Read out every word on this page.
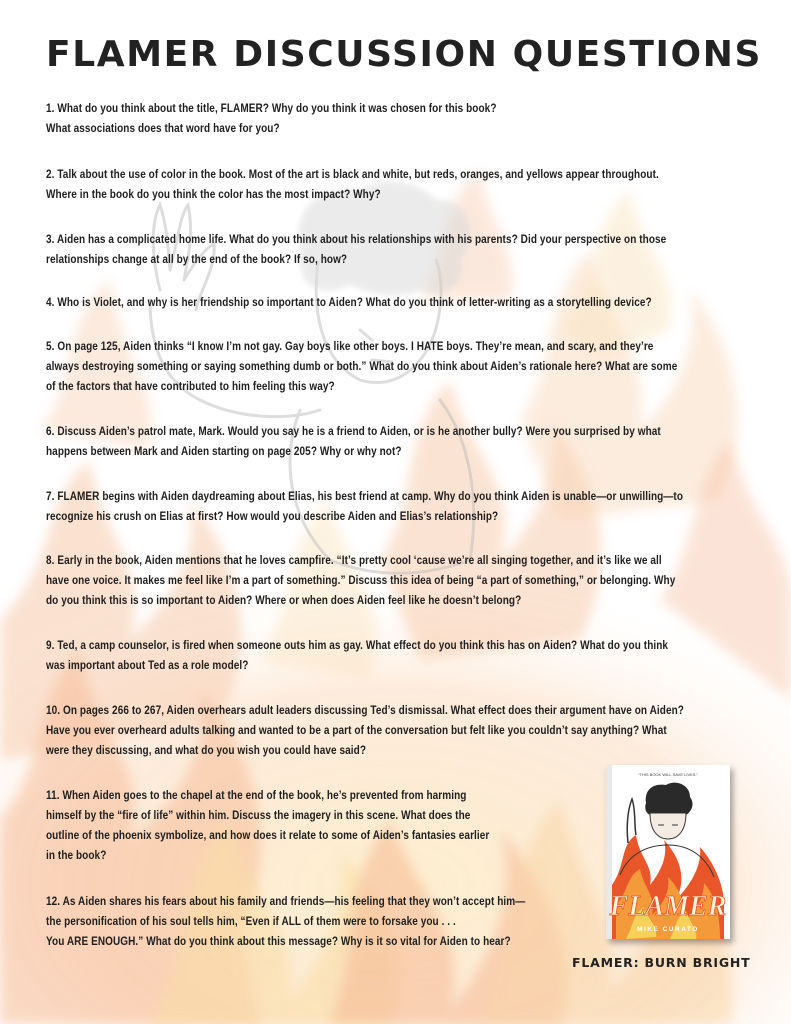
FLAMER DISCUSSION QUESTIONS
1. What do you think about the title, FLAMER? Why do you think it was chosen for this book?
What associations does that word have for you?
2. Talk about the use of color in the book. Most of the art is black and white, but reds, oranges, and yellows appear throughout.
Where in the book do you think the color has the most impact? Why?
3. Aiden has a complicated home life. What do you think about his relationships with his parents? Did your perspective on those
relationships change at all by the end of the book? If so, how?
4. Who is Violet, and why is her friendship so important to Aiden? What do you think of letter-writing as a storytelling device?
5. On page 125, Aiden thinks “I know I’m not gay. Gay boys like other boys. I HATE boys. They’re mean, and scary, and they’re
always destroying something or saying something dumb or both.” What do you think about Aiden’s rationale here? What are some
of the factors that have contributed to him feeling this way?
6. Discuss Aiden’s patrol mate, Mark. Would you say he is a friend to Aiden, or is he another bully? Were you surprised by what
happens between Mark and Aiden starting on page 205? Why or why not?
7. FLAMER begins with Aiden daydreaming about Elias, his best friend at camp. Why do you think Aiden is unable—or unwilling—to
recognize his crush on Elias at first? How would you describe Aiden and Elias’s relationship?
8. Early in the book, Aiden mentions that he loves campfire. “It’s pretty cool ‘cause we’re all singing together, and it’s like we all
have one voice. It makes me feel like I’m a part of something.” Discuss this idea of being “a part of something,” or belonging. Why
do you think this is so important to Aiden? Where or when does Aiden feel like he doesn’t belong?
9. Ted, a camp counselor, is fired when someone outs him as gay. What effect do you think this has on Aiden? What do you think
was important about Ted as a role model?
10. On pages 266 to 267, Aiden overhears adult leaders discussing Ted’s dismissal. What effect does their argument have on Aiden?
Have you ever overheard adults talking and wanted to be a part of the conversation but felt like you couldn’t say anything? What
were they discussing, and what do you wish you could have said?
11. When Aiden goes to the chapel at the end of the book, he’s prevented from harming
himself by the “fire of life” within him. Discuss the imagery in this scene. What does the
outline of the phoenix symbolize, and how does it relate to some of Aiden’s fantasies earlier
in the book?
12. As Aiden shares his fears about his family and friends—his feeling that they won’t accept him—
the personification of his soul tells him, “Even if ALL of them were to forsake you . . .
You ARE ENOUGH.” What do you think about this message? Why is it so vital for Aiden to hear?
“THIS BOOK WILL SAVE LIVES.”
FLAMER
MIKE CURATO

FLAMER: BURN BRIGHT
